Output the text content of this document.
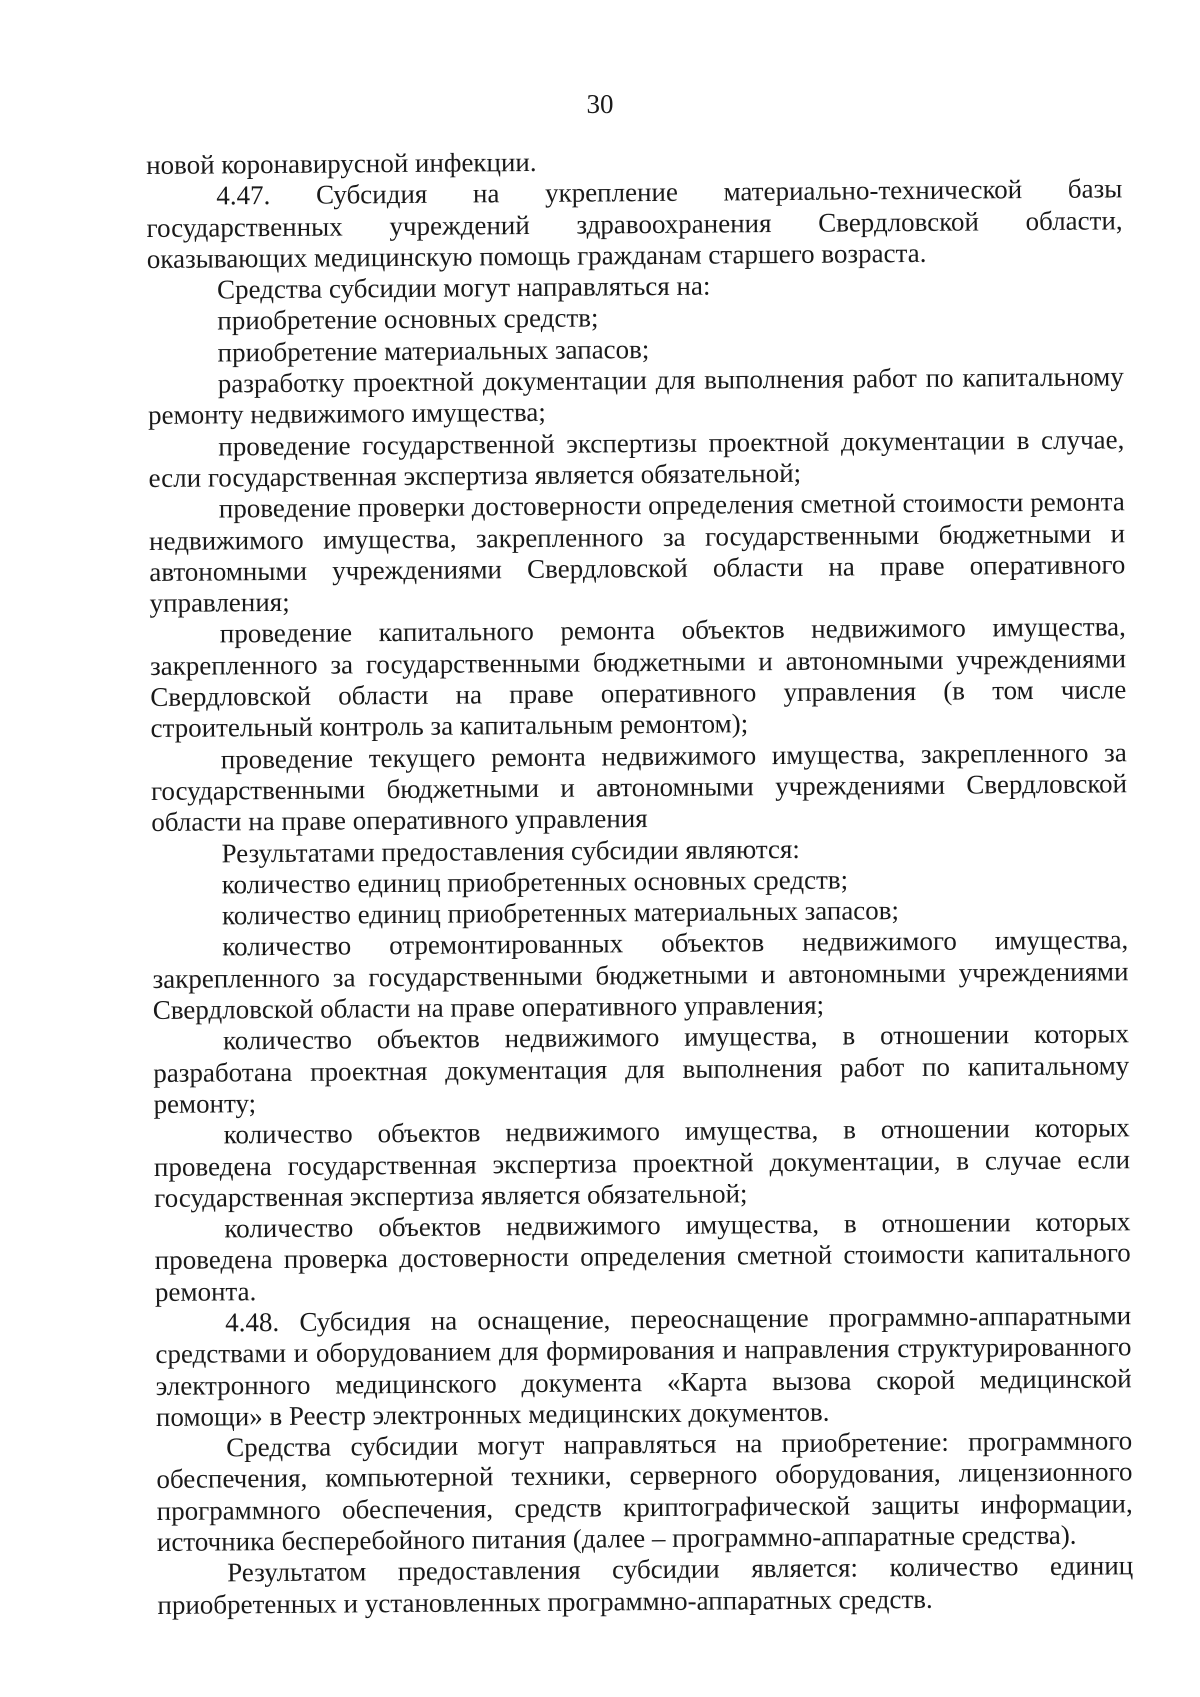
30

новой коронавирусной инфекции.

4.47. Субсидия на укрепление материально-технической базы государственных учреждений здравоохранения Свердловской области, оказывающих медицинскую помощь гражданам старшего возраста.

Средства субсидии могут направляться на:

приобретение основных средств;

приобретение материальных запасов;

разработку проектной документации для выполнения работ по капитальному ремонту недвижимого имущества;

проведение государственной экспертизы проектной документации в случае, если государственная экспертиза является обязательной;

проведение проверки достоверности определения сметной стоимости ремонта недвижимого имущества, закрепленного за государственными бюджетными и автономными учреждениями Свердловской области на праве оперативного управления;

проведение капитального ремонта объектов недвижимого имущества, закрепленного за государственными бюджетными и автономными учреждениями Свердловской области на праве оперативного управления (в том числе строительный контроль за капитальным ремонтом);

проведение текущего ремонта недвижимого имущества, закрепленного за государственными бюджетными и автономными учреждениями Свердловской области на праве оперативного управления

Результатами предоставления субсидии являются:

количество единиц приобретенных основных средств;

количество единиц приобретенных материальных запасов;

количество отремонтированных объектов недвижимого имущества, закрепленного за государственными бюджетными и автономными учреждениями Свердловской области на праве оперативного управления;

количество объектов недвижимого имущества, в отношении которых разработана проектная документация для выполнения работ по капитальному ремонту;

количество объектов недвижимого имущества, в отношении которых проведена государственная экспертиза проектной документации, в случае если государственная экспертиза является обязательной;

количество объектов недвижимого имущества, в отношении которых проведена проверка достоверности определения сметной стоимости капитального ремонта.

4.48. Субсидия на оснащение, переоснащение программно-аппаратными средствами и оборудованием для формирования и направления структурированного электронного медицинского документа «Карта вызова скорой медицинской помощи» в Реестр электронных медицинских документов.

Средства субсидии могут направляться на приобретение: программного обеспечения, компьютерной техники, серверного оборудования, лицензионного программного обеспечения, средств криптографической защиты информации, источника бесперебойного питания (далее – программно-аппаратные средства).

Результатом предоставления субсидии является: количество единиц приобретенных и установленных программно-аппаратных средств.
